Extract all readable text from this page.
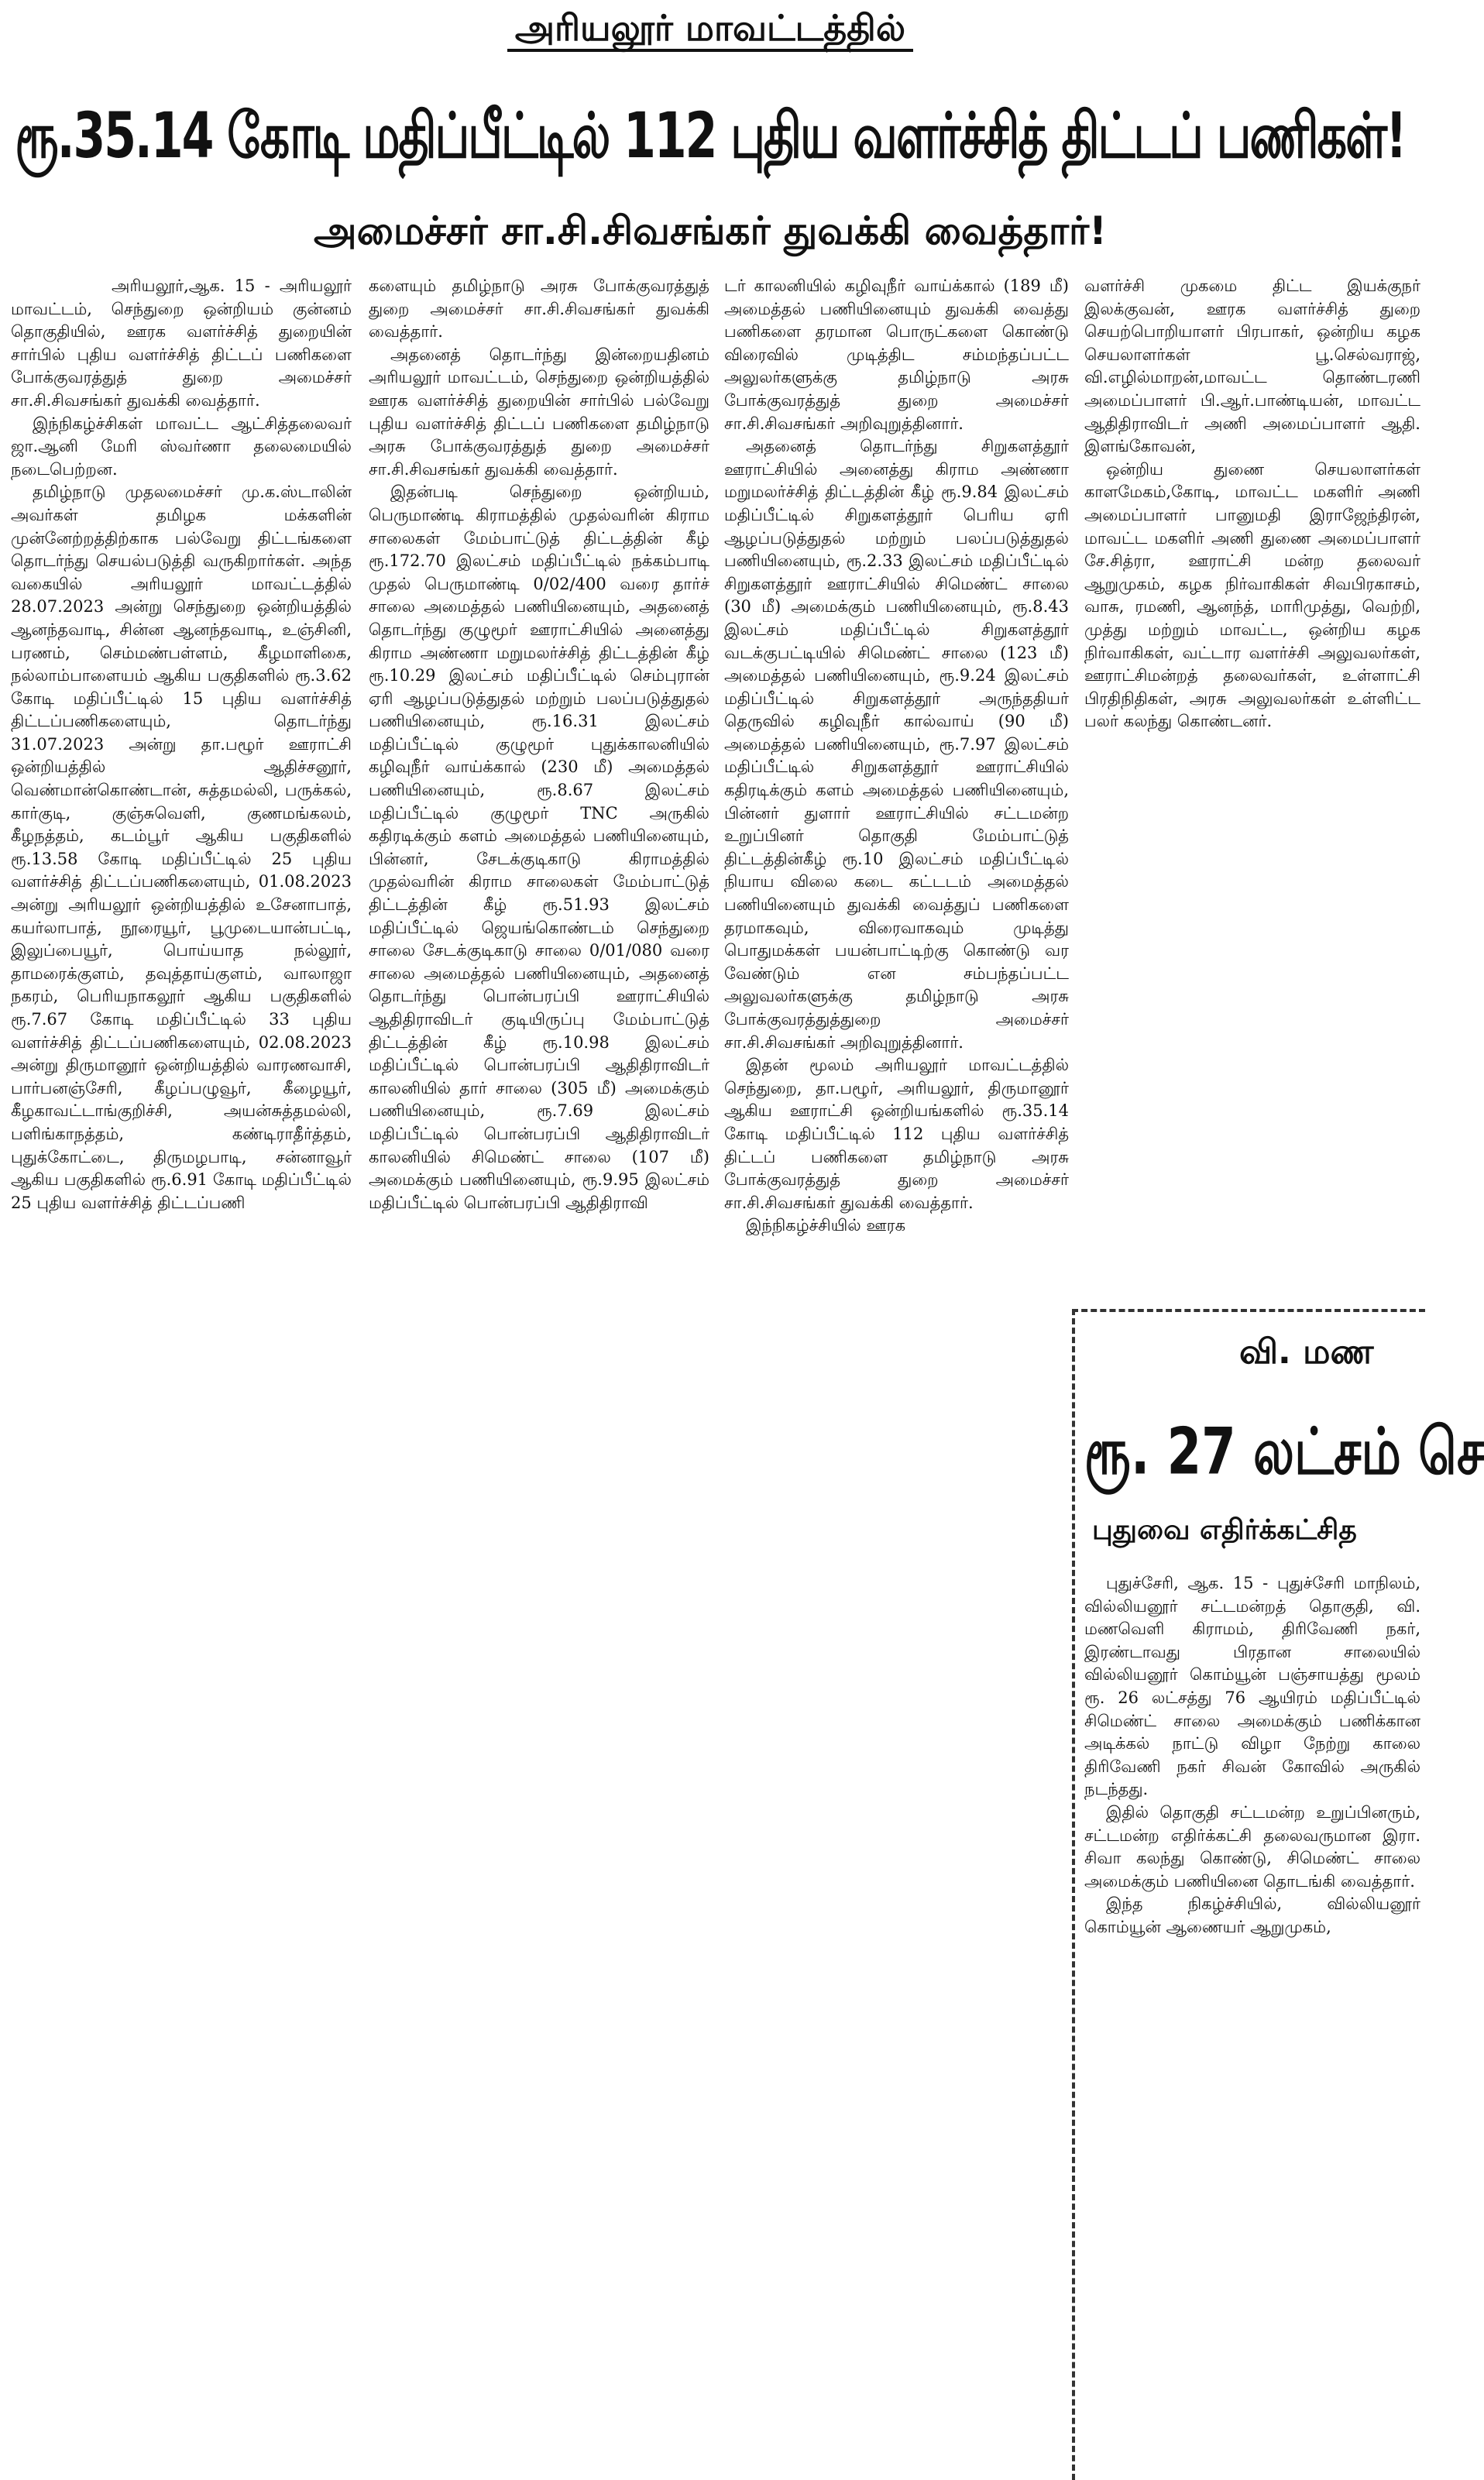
அரியலூர் மாவட்டத்தில்
ரூ.35.14 கோடி மதிப்பீட்டில் 112 புதிய வளர்ச்சித் திட்டப் பணிகள்!
அமைச்சர் சா.சி.சிவசங்கர் துவக்கி வைத்தார்!

அரியலூர்,ஆக. 15 - அரியலூர் மாவட்டம், செந்துறை ஒன்றியம் குன்னம் தொகுதியில், ஊரக வளர்ச்சித் துறையின் சார்பில் புதிய வளர்ச்சித் திட்டப் பணிகளை போக்குவரத்துத் துறை அமைச்சர் சா.சி.சிவசங்கர் துவக்கி வைத்தார்.

இந்நிகழ்ச்சிகள் மாவட்ட ஆட்சித்தலைவர் ஜா.ஆனி மேரி ஸ்வர்ணா தலைமையில் நடைபெற்றன.

தமிழ்நாடு முதலமைச்சர் மு.க.ஸ்டாலின் அவர்கள் தமிழக மக்களின் முன்னேற்றத்திற்காக பல்வேறு திட்டங்களை தொடர்ந்து செயல்படுத்தி வருகிறார்கள். அந்த வகையில் அரியலூர் மாவட்டத்தில் 28.07.2023 அன்று செந்துறை ஒன்றியத்தில் ஆனந்தவாடி, சின்ன ஆனந்தவாடி, உஞ்சினி, பரணம், செம்மண்பள்ளம், கீழமாளிகை, நல்லாம்பாளையம் ஆகிய பகுதிகளில் ரூ.3.62 கோடி மதிப்பீட்டில் 15 புதிய வளர்ச்சித் திட்டப்பணிகளையும், தொடர்ந்து 31.07.2023 அன்று தா.பழூர் ஊராட்சி ஒன்றியத்தில் ஆதிச்சனூர், வெண்மான்கொண்டான், சுத்தமல்லி, பருக்கல், கார்குடி, குஞ்சுவெளி, குணமங்கலம், கீழநத்தம், கடம்பூர் ஆகிய பகுதிகளில் ரூ.13.58 கோடி மதிப்பீட்டில் 25 புதிய வளர்ச்சித் திட்டப்பணிகளையும், 01.08.2023 அன்று அரியலூர் ஒன்றியத்தில் உசேனாபாத், கயர்லாபாத், நூரையூர், பூமுடையான்பட்டி, இலுப்பையூர், பொய்யாத நல்லூர், தாமரைக்குளம், தவுத்தாய்குளம், வாலாஜா நகரம், பெரியநாகலூர் ஆகிய பகுதிகளில் ரூ.7.67 கோடி மதிப்பீட்டில் 33 புதிய வளர்ச்சித் திட்டப்பணிகளையும், 02.08.2023 அன்று திருமானூர் ஒன்றியத்தில் வாரணவாசி, பார்பனஞ்சேரி, கீழப்பழுவூர், கீழையூர், கீழகாவட்டாங்குறிச்சி, அயன்சுத்தமல்லி, பளிங்காநத்தம், கண்டிராதீர்த்தம், புதுக்கோட்டை, திருமழபாடி, சன்னாவூர் ஆகிய பகுதிகளில் ரூ.6.91 கோடி மதிப்பீட்டில் 25 புதிய வளர்ச்சித் திட்டப்பணி

களையும் தமிழ்நாடு அரசு போக்குவரத்துத் துறை அமைச்சர் சா.சி.சிவசங்கர் துவக்கி வைத்தார்.

அதனைத் தொடர்ந்து இன்றையதினம் அரியலூர் மாவட்டம், செந்துறை ஒன்றியத்தில் ஊரக வளர்ச்சித் துறையின் சார்பில் பல்வேறு புதிய வளர்ச்சித் திட்டப் பணிகளை தமிழ்நாடு அரசு போக்குவரத்துத் துறை அமைச்சர் சா.சி.சிவசங்கர் துவக்கி வைத்தார்.

இதன்படி செந்துறை ஒன்றியம், பெருமாண்டி கிராமத்தில் முதல்வரின் கிராம சாலைகள் மேம்பாட்டுத் திட்டத்தின் கீழ் ரூ.172.70 இலட்சம் மதிப்பீட்டில் நக்கம்பாடி முதல் பெருமாண்டி 0/02/400 வரை தார்ச் சாலை அமைத்தல் பணியினையும், அதனைத் தொடர்ந்து குழுமூர் ஊராட்சியில் அனைத்து கிராம அண்ணா மறுமலர்ச்சித் திட்டத்தின் கீழ் ரூ.10.29 இலட்சம் மதிப்பீட்டில் செம்புரான் ஏரி ஆழப்படுத்துதல் மற்றும் பலப்படுத்துதல் பணியினையும், ரூ.16.31 இலட்சம் மதிப்பீட்டில் குழுமூர் புதுக்காலனியில் கழிவுநீர் வாய்க்கால் (230 மீ) அமைத்தல் பணியினையும், ரூ.8.67 இலட்சம் மதிப்பீட்டில் குழுமூர் TNC அருகில் கதிரடிக்கும் களம் அமைத்தல் பணியினையும், பின்னர், சேடக்குடிகாடு கிராமத்தில் முதல்வரின் கிராம சாலைகள் மேம்பாட்டுத் திட்டத்தின் கீழ் ரூ.51.93 இலட்சம் மதிப்பீட்டில் ஜெயங்கொண்டம் செந்துறை சாலை சேடக்குடிகாடு சாலை 0/01/080 வரை சாலை அமைத்தல் பணியினையும், அதனைத் தொடர்ந்து பொன்பரப்பி ஊராட்சியில் ஆதிதிராவிடர் குடியிருப்பு மேம்பாட்டுத் திட்டத்தின் கீழ் ரூ.10.98 இலட்சம் மதிப்பீட்டில் பொன்பரப்பி ஆதிதிராவிடர் காலனியில் தார் சாலை (305 மீ) அமைக்கும் பணியினையும், ரூ.7.69 இலட்சம் மதிப்பீட்டில் பொன்பரப்பி ஆதிதிராவிடர் காலனியில் சிமெண்ட் சாலை (107 மீ) அமைக்கும் பணியினையும், ரூ.9.95 இலட்சம் மதிப்பீட்டில் பொன்பரப்பி ஆதிதிராவி

டர் காலனியில் கழிவுநீர் வாய்க்கால் (189 மீ) அமைத்தல் பணியினையும் துவக்கி வைத்து பணிகளை தரமான பொருட்களை கொண்டு விரைவில் முடித்திட சம்மந்தப்பட்ட அலுலர்களுக்கு தமிழ்நாடு அரசு போக்குவரத்துத் துறை அமைச்சர் சா.சி.சிவசங்கர் அறிவுறுத்தினார்.

அதனைத் தொடர்ந்து சிறுகளத்தூர் ஊராட்சியில் அனைத்து கிராம அண்ணா மறுமலர்ச்சித் திட்டத்தின் கீழ் ரூ.9.84 இலட்சம் மதிப்பீட்டில் சிறுகளத்தூர் பெரிய ஏரி ஆழப்படுத்துதல் மற்றும் பலப்படுத்துதல் பணியினையும், ரூ.2.33 இலட்சம் மதிப்பீட்டில் சிறுகளத்தூர் ஊராட்சியில் சிமெண்ட் சாலை (30 மீ) அமைக்கும் பணியினையும், ரூ.8.43 இலட்சம் மதிப்பீட்டில் சிறுகளத்தூர் வடக்குபட்டியில் சிமெண்ட் சாலை (123 மீ) அமைத்தல் பணியினையும், ரூ.9.24 இலட்சம் மதிப்பீட்டில் சிறுகளத்தூர் அருந்ததியர் தெருவில் கழிவுநீர் கால்வாய் (90 மீ) அமைத்தல் பணியினையும், ரூ.7.97 இலட்சம் மதிப்பீட்டில் சிறுகளத்தூர் ஊராட்சியில் கதிரடிக்கும் களம் அமைத்தல் பணியினையும், பின்னர் துளார் ஊராட்சியில் சட்டமன்ற உறுப்பினர் தொகுதி மேம்பாட்டுத் திட்டத்தின்கீழ் ரூ.10 இலட்சம் மதிப்பீட்டில் நியாய விலை கடை கட்டடம் அமைத்தல் பணியினையும் துவக்கி வைத்துப் பணிகளை தரமாகவும், விரைவாகவும் முடித்து பொதுமக்கள் பயன்பாட்டிற்கு கொண்டு வர வேண்டும் என சம்பந்தப்பட்ட அலுவலர்களுக்கு தமிழ்நாடு அரசு போக்குவரத்துத்துறை அமைச்சர் சா.சி.சிவசங்கர் அறிவுறுத்தினார்.

இதன் மூலம் அரியலூர் மாவட்டத்தில் செந்துறை, தா.பழூர், அரியலூர், திருமானூர் ஆகிய ஊராட்சி ஒன்றியங்களில் ரூ.35.14 கோடி மதிப்பீட்டில் 112 புதிய வளர்ச்சித் திட்டப் பணிகளை தமிழ்நாடு அரசு போக்குவரத்துத் துறை அமைச்சர் சா.சி.சிவசங்கர் துவக்கி வைத்தார்.

இந்நிகழ்ச்சியில் ஊரக

வளர்ச்சி முகமை திட்ட இயக்குநர் இலக்குவன், ஊரக வளர்ச்சித் துறை செயற்பொறியாளர் பிரபாகர், ஒன்றிய கழக செயலாளர்கள் பூ.செல்வராஜ், வி.எழில்மாறன்,மாவட்ட தொண்டரணி அமைப்பாளர் பி.ஆர்.பாண்டியன், மாவட்ட ஆதிதிராவிடர் அணி அமைப்பாளர் ஆதி. இளங்கோவன்,

ஒன்றிய துணை செயலாளர்கள் காளமேகம்,கோடி, மாவட்ட மகளிர் அணி அமைப்பாளர் பானுமதி இராஜேந்திரன், மாவட்ட மகளிர் அணி துணை அமைப்பாளர் சே.சித்ரா, ஊராட்சி மன்ற தலைவர் ஆறுமுகம், கழக நிர்வாகிகள் சிவபிரகாசம், வாசு, ரமணி, ஆனந்த், மாரிமுத்து, வெற்றி, முத்து மற்றும் மாவட்ட, ஒன்றிய கழக நிர்வாகிகள், வட்டார வளர்ச்சி அலுவலர்கள், ஊராட்சிமன்றத் தலைவர்கள், உள்ளாட்சி பிரதிநிதிகள், அரசு அலுவலர்கள் உள்ளிட்ட பலர் கலந்து கொண்டனர்.

வி. மண
ரூ. 27 லட்சம் செ
புதுவை எதிர்க்கட்சித

புதுச்சேரி, ஆக. 15 - புதுச்சேரி மாநிலம், வில்லியனூர் சட்டமன்றத் தொகுதி, வி. மணவெளி கிராமம், திரிவேணி நகர், இரண்டாவது பிரதான சாலையில் வில்லியனூர் கொம்யூன் பஞ்சாயத்து மூலம் ரூ. 26 லட்சத்து 76 ஆயிரம் மதிப்பீட்டில் சிமெண்ட் சாலை அமைக்கும் பணிக்கான அடிக்கல் நாட்டு விழா நேற்று காலை திரிவேணி நகர் சிவன் கோவில் அருகில் நடந்தது.

இதில் தொகுதி சட்டமன்ற உறுப்பினரும், சட்டமன்ற எதிர்க்கட்சி தலைவருமான இரா. சிவா கலந்து கொண்டு, சிமெண்ட் சாலை அமைக்கும் பணியினை தொடங்கி வைத்தார்.

இந்த நிகழ்ச்சியில், வில்லியனூர் கொம்யூன் ஆணையர் ஆறுமுகம்,
